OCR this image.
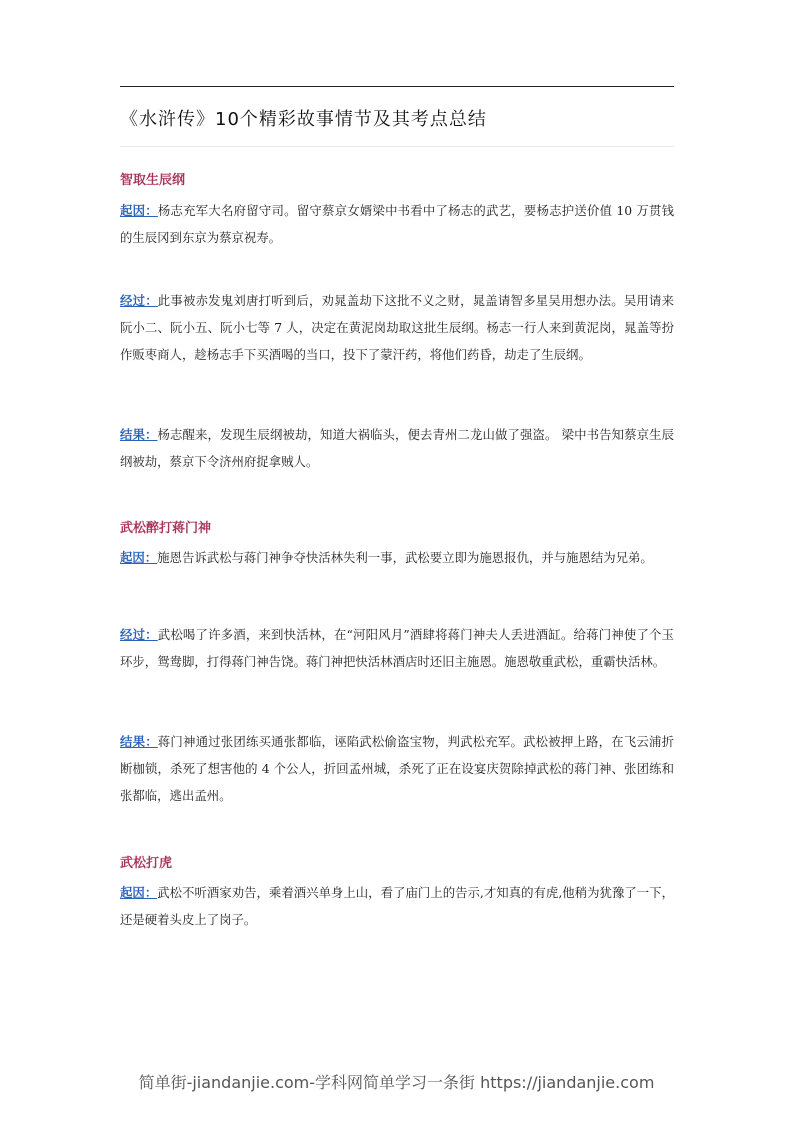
《水浒传》10个精彩故事情节及其考点总结
智取生辰纲
起因：杨志充军大名府留守司。留守蔡京女婿梁中书看中了杨志的武艺，要杨志护送价值 10 万贯钱的生辰冈到东京为蔡京祝寿。
经过：此事被赤发鬼刘唐打听到后，劝晁盖劫下这批不义之财，晁盖请智多星吴用想办法。吴用请来阮小二、阮小五、阮小七等 7 人，决定在黄泥岗劫取这批生辰纲。杨志一行人来到黄泥岗，晁盖等扮作贩枣商人，趁杨志手下买酒喝的当口，投下了蒙汗药，将他们药昏，劫走了生辰纲。
结果：杨志醒来，发现生辰纲被劫，知道大祸临头，便去青州二龙山做了强盗。 梁中书告知蔡京生辰纲被劫，蔡京下令济州府捉拿贼人。
武松醉打蒋门神
起因：施恩告诉武松与蒋门神争夺快活林失利一事，武松要立即为施恩报仇，并与施恩结为兄弟。
经过：武松喝了许多酒，来到快活林，在“河阳风月”酒肆将蒋门神夫人丢进酒缸。给蒋门神使了个玉环步，鸳鸯脚，打得蒋门神告饶。蒋门神把快活林酒店时还旧主施恩。施恩敬重武松，重霸快活林。
结果：蒋门神通过张团练买通张都临，诬陷武松偷盗宝物，判武松充军。武松被押上路，在飞云浦折断枷锁，杀死了想害他的 4 个公人，折回孟州城，杀死了正在设宴庆贺除掉武松的蒋门神、张团练和张都临，逃出孟州。
武松打虎
起因：武松不听酒家劝告，乘着酒兴单身上山，看了庙门上的告示,才知真的有虎,他稍为犹豫了一下，还是硬着头皮上了岗子。
简单街-jiandanjie.com-学科网简单学习一条街 https://jiandanjie.com
